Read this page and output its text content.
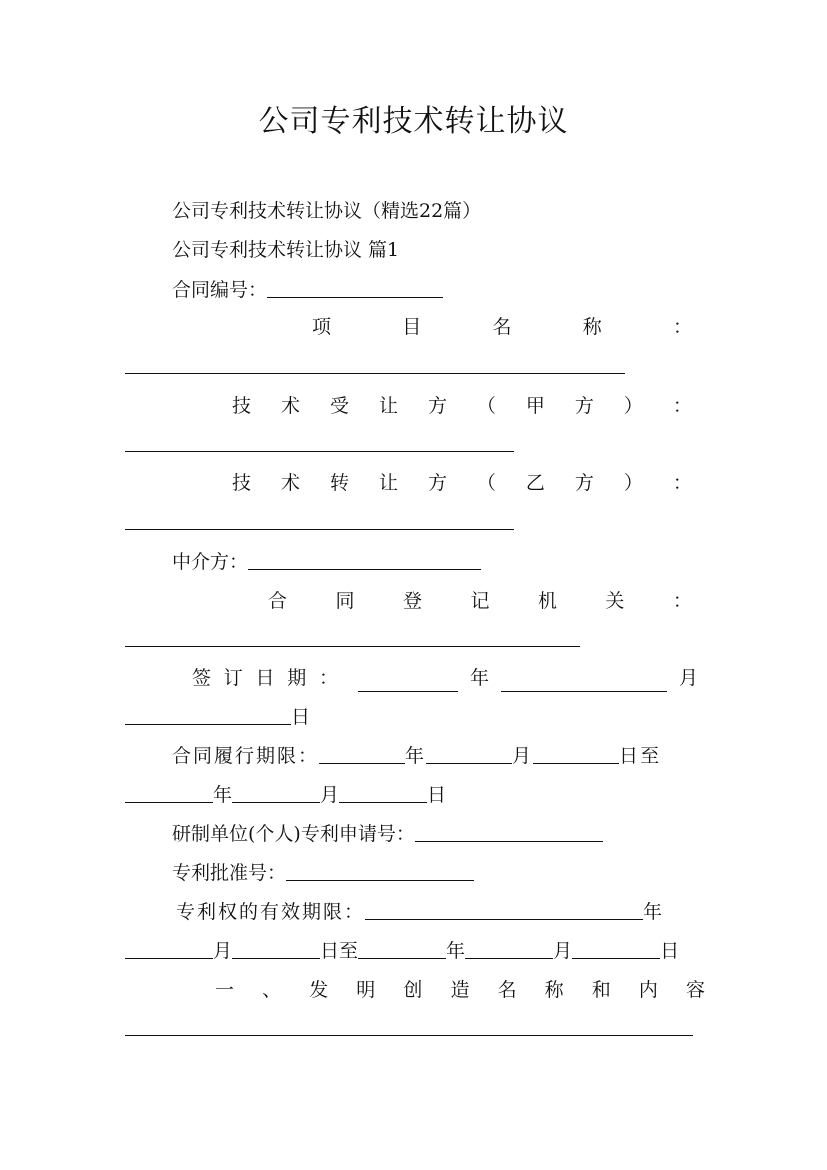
公司专利技术转让协议
公司专利技术转让协议（精选22篇）
公司专利技术转让协议 篇1
合同编号：
项	目	名	称	：
技 术 受 让 方 （ 甲 方 ） ：
技 术 转 让 方 （ 乙 方 ） ：
中介方：
合	同	登	记	机	关	：
签 订 日 期 ：	年	月
日
合同履行期限：	年	月	日至
年	月	日
研制单位(个人)专利申请号：
专利批准号：
专利权的有效期限：	年
月	日至	年	月	日
一 、 发 明 创 造 名 称 和 内 容
